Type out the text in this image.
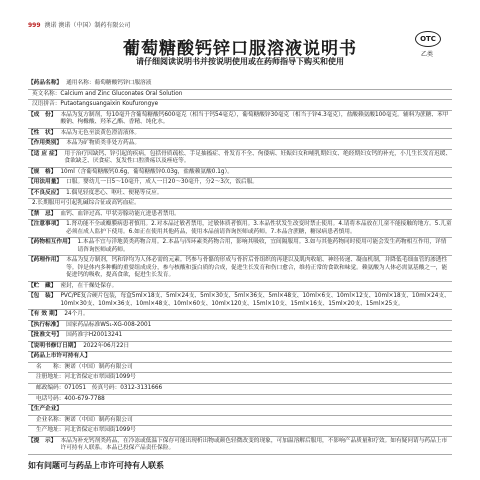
999 澳诺 澳诺（中国）制药有限公司
葡萄糖酸钙锌口服溶液说明书	OTC
乙类
请仔细阅读说明书并按说明使用或在药师指导下购买和使用
【药品名称】 通用名称：葡萄糖酸钙锌口服溶液
英文名称：Calcium and Zinc Gluconates Oral Solution
汉语拼音：Putaotangsuangaixin Koufurongye
【成　份】 本品为复方制剂，每10毫升含葡萄糖酸钙600毫克（相当于钙54毫克），葡萄糖酸锌30毫克（相当于锌4.3毫克），盐酸赖氨酸100毫克。辅料为蔗糖、苯甲酸钠、枸橼酸、羟苯乙酯、香精、纯化水。
【性　状】 本品为无色至淡黄色澄清液体。
【作用类别】 本品为矿物质类非处方药品。
【适 应 症】 用于治疗因缺钙、锌引起的疾病，包括骨质疏松、手足抽搐症、骨发育不全、佝偻病、妊娠妇女和哺乳期妇女、绝经期妇女钙的补充，小儿生长发育迟缓、食欲缺乏、厌食症、复发性口腔溃疡以及痤疮等。
【规　格】 10ml（含葡萄糖酸钙0.6g，葡萄糖酸锌0.03g，盐酸赖氨酸0.1g）。
【用法用量】 口服。婴幼儿一日5～10毫升，成人一日20～30毫升，分2～3次，饭后服。
【不良反应】 1.偶见轻度恶心、呕吐、便秘等反应。
2.长期服用可引起乳碱综合征或高钙血症。
【禁　忌】 血钙、血锌过高、甲状旁腺功能亢进患者禁用。
【注意事项】 1.肾功能不全或瓣膜病患者慎用。2.对本品过敏者禁用，过敏体质者慎用。3.本品性状发生改变时禁止使用。4.请将本品放在儿童不能接触的地方。5.儿童必须在成人监护下使用。6.如正在使用其他药品，使用本品前请咨询医师或药师。7.本品含蔗糖，糖尿病患者慎用。
【药物相互作用】 1.本品不宜与洋地黄类药物合用。2.本品与四环素类药物合用，影响其吸收，宜间隔服用。3.如与其他药物同时使用可能会发生药物相互作用，详情请咨询医师或药师。
【药理作用】 本品为复方制剂，钙和锌均为人体必需的元素。钙参与骨骼的形成与骨折后骨组织的再建以及肌肉收缩、神经传递、凝血机制，并降低毛细血管的渗透性等。锌是体内多种酶的重要组成成分，参与核酸和蛋白质的合成，促进生长发育和伤口愈合，维持正常的食欲和味觉。赖氨酸为人体必需氨基酸之一，能促进钙的吸收，提高食欲，促进生长发育。
【贮　藏】 密封，在干燥处保存。
【包　装】 PVC/PE复合硬片包装，每盒5ml×18支、5ml×24支、5ml×30支、5ml×36支、5ml×48支、10ml×6支、10ml×12支、10ml×18支、10ml×24支、10ml×30支、10ml×36支、10ml×48支、10ml×60支、10ml×120支、15ml×10支、15ml×16支、15ml×20支、15ml×25支。
【有 效 期】 24个月。
【执行标准】 国家药品标准WS₁-XG-008-2001
【批准文号】 国药准字H20013241
【说明书修订日期】 2022年06月22日
【药品上市许可持有人】
名　　称：澳诺（中国）制药有限公司
注册地址：河北省保定市翠园街1099号
邮政编码：071051　传真号码：0312-3131666
电话号码：400-679-7788
【生产企业】
企业名称：澳诺（中国）制药有限公司
生产地址：河北省保定市翠园街1099号
【提　示】 本品为补充钙剂类药品，在冷冻或低温下保存可能出现析出物或颜色轻微改变的现象，可加温溶解后服用，不影响产品质量和疗效。如有疑问请与药品上市许可持有人联系。本品已投保产品责任保险。
如有问题可与药品上市许可持有人联系
